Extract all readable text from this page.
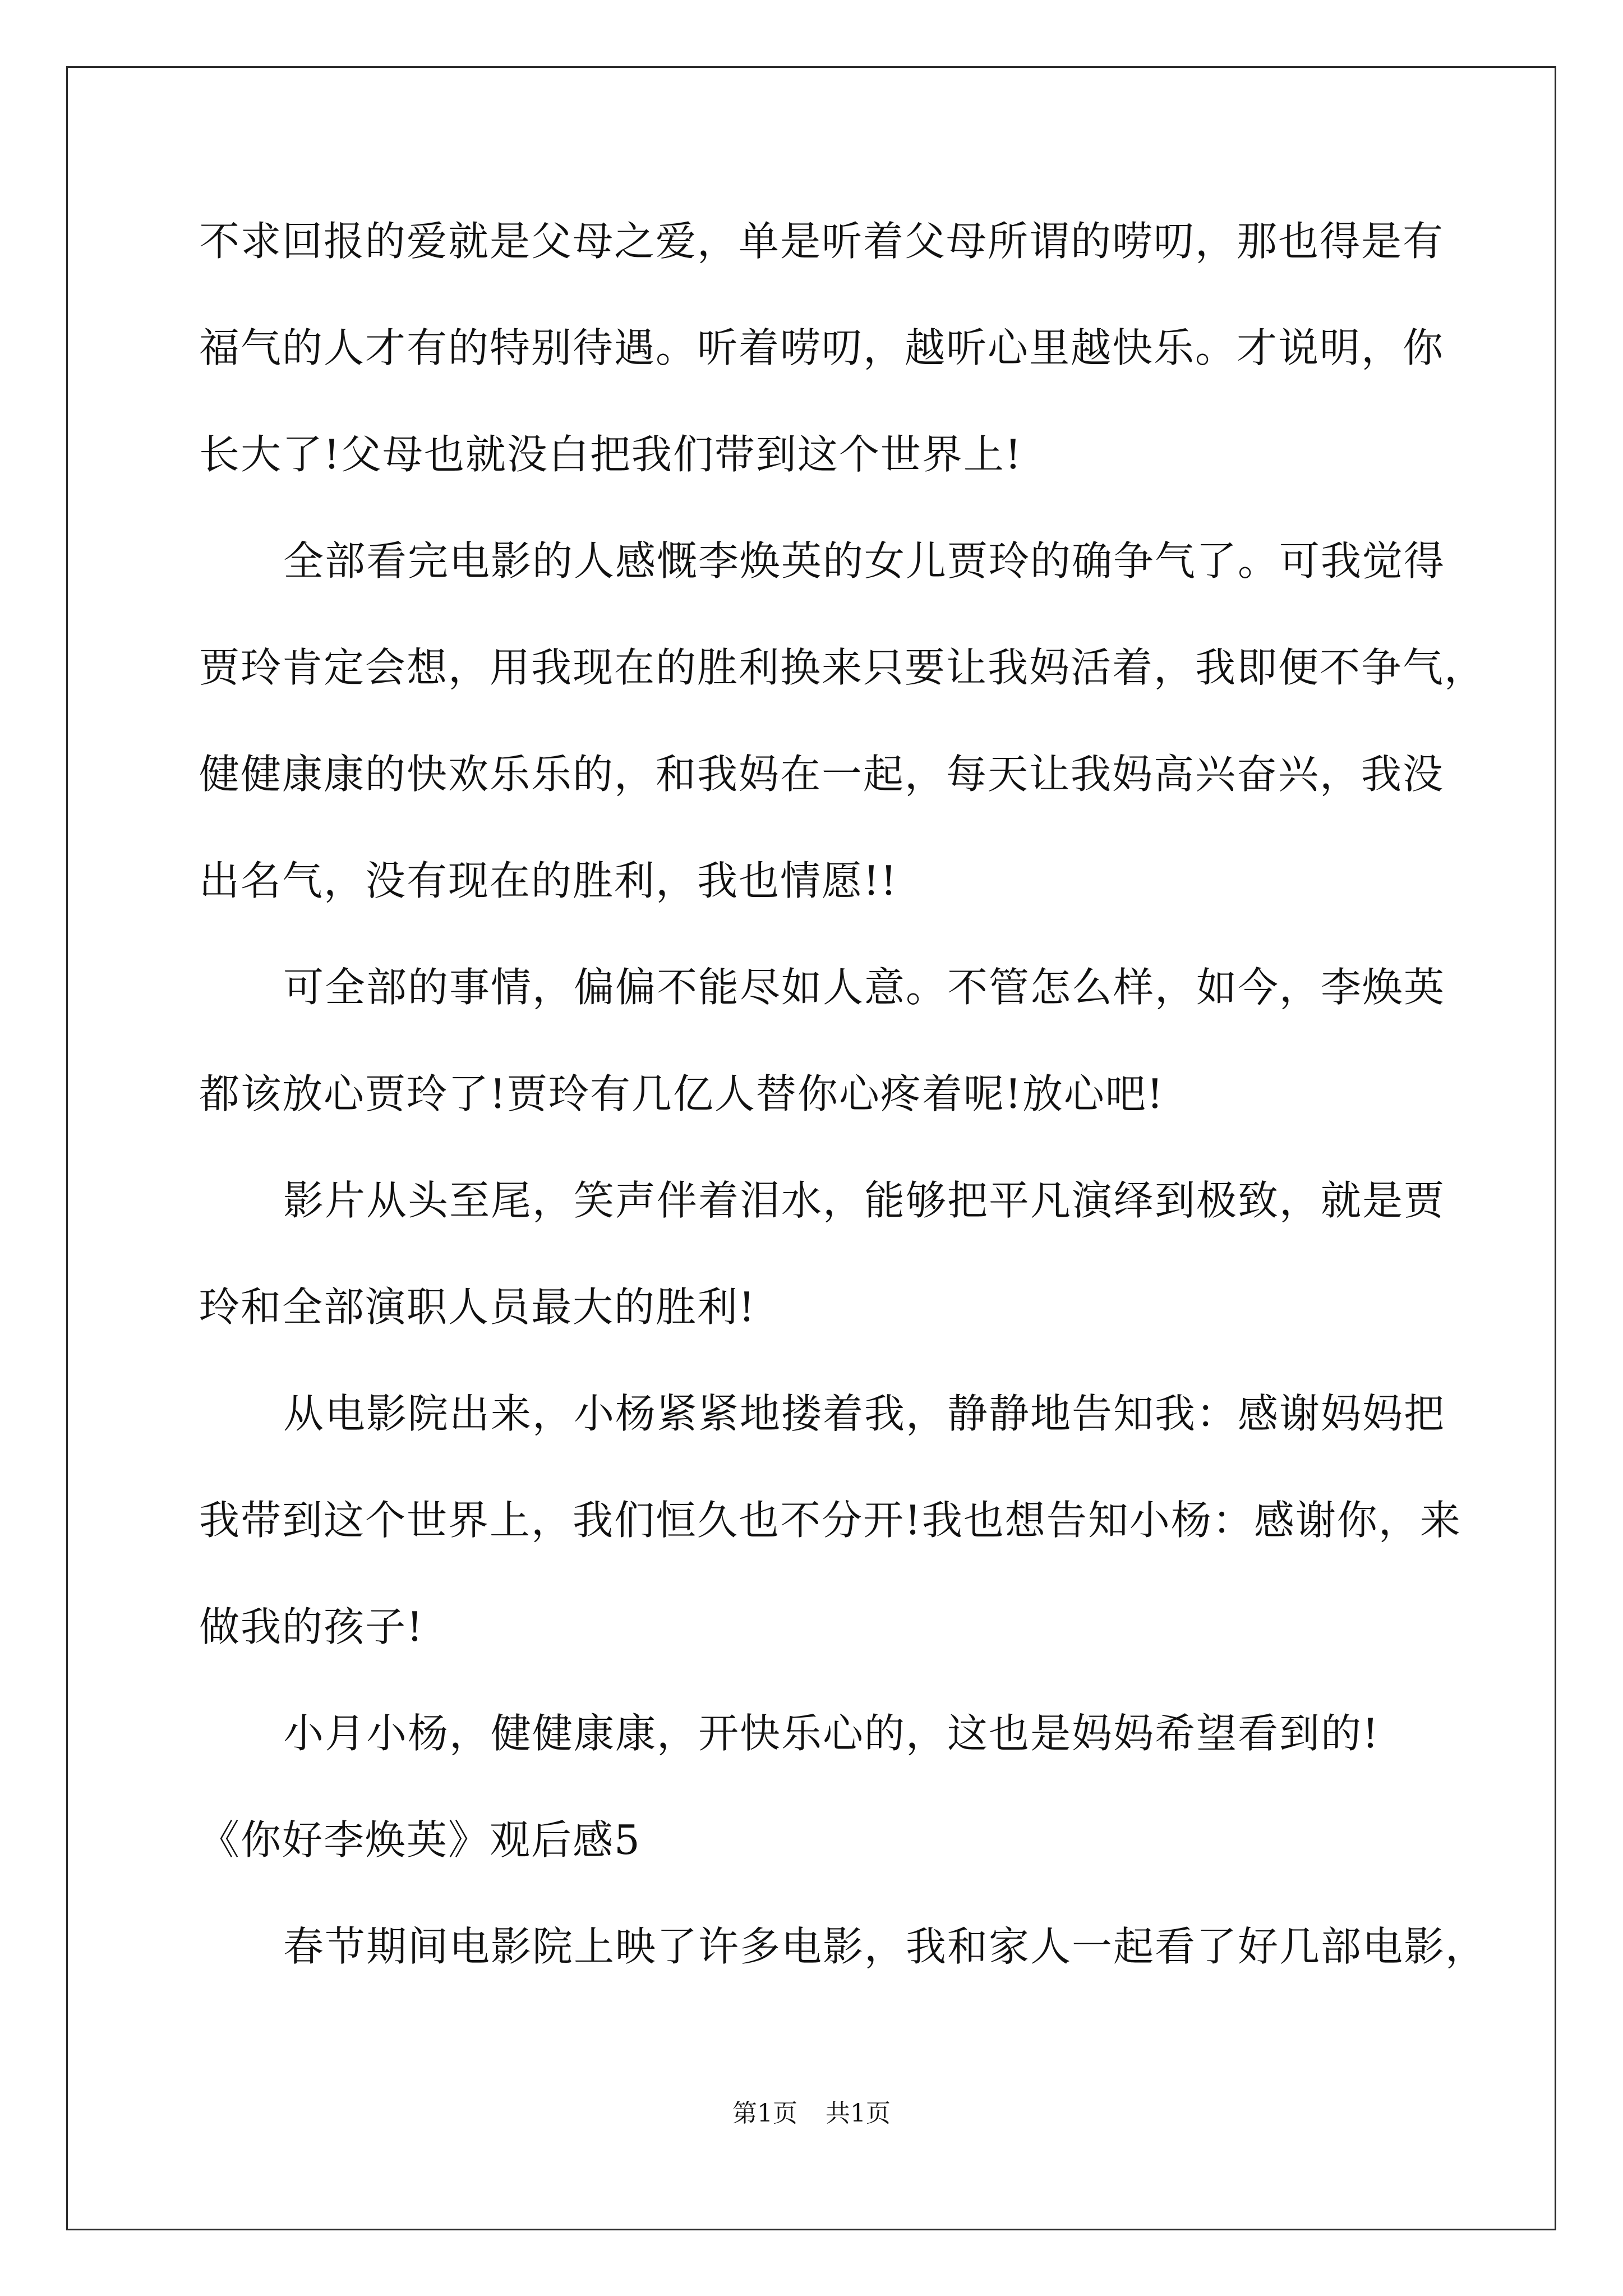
不求回报的爱就是父母之爱，单是听着父母所谓的唠叨，那也得是有
福气的人才有的特别待遇。听着唠叨，越听心里越快乐。才说明，你
长大了!父母也就没白把我们带到这个世界上!
全部看完电影的人感慨李焕英的女儿贾玲的确争气了。可我觉得
贾玲肯定会想，用我现在的胜利换来只要让我妈活着，我即便不争气，
健健康康的快欢乐乐的，和我妈在一起，每天让我妈高兴奋兴，我没
出名气，没有现在的胜利，我也情愿!!
可全部的事情，偏偏不能尽如人意。不管怎么样，如今，李焕英
都该放心贾玲了!贾玲有几亿人替你心疼着呢!放心吧!
影片从头至尾，笑声伴着泪水，能够把平凡演绎到极致，就是贾
玲和全部演职人员最大的胜利!
从电影院出来，小杨紧紧地搂着我，静静地告知我：感谢妈妈把
我带到这个世界上，我们恒久也不分开!我也想告知小杨：感谢你，来
做我的孩子!
小月小杨，健健康康，开快乐心的，这也是妈妈希望看到的!
《你好李焕英》观后感5
春节期间电影院上映了许多电影，我和家人一起看了好几部电影，
第1页 共1页
